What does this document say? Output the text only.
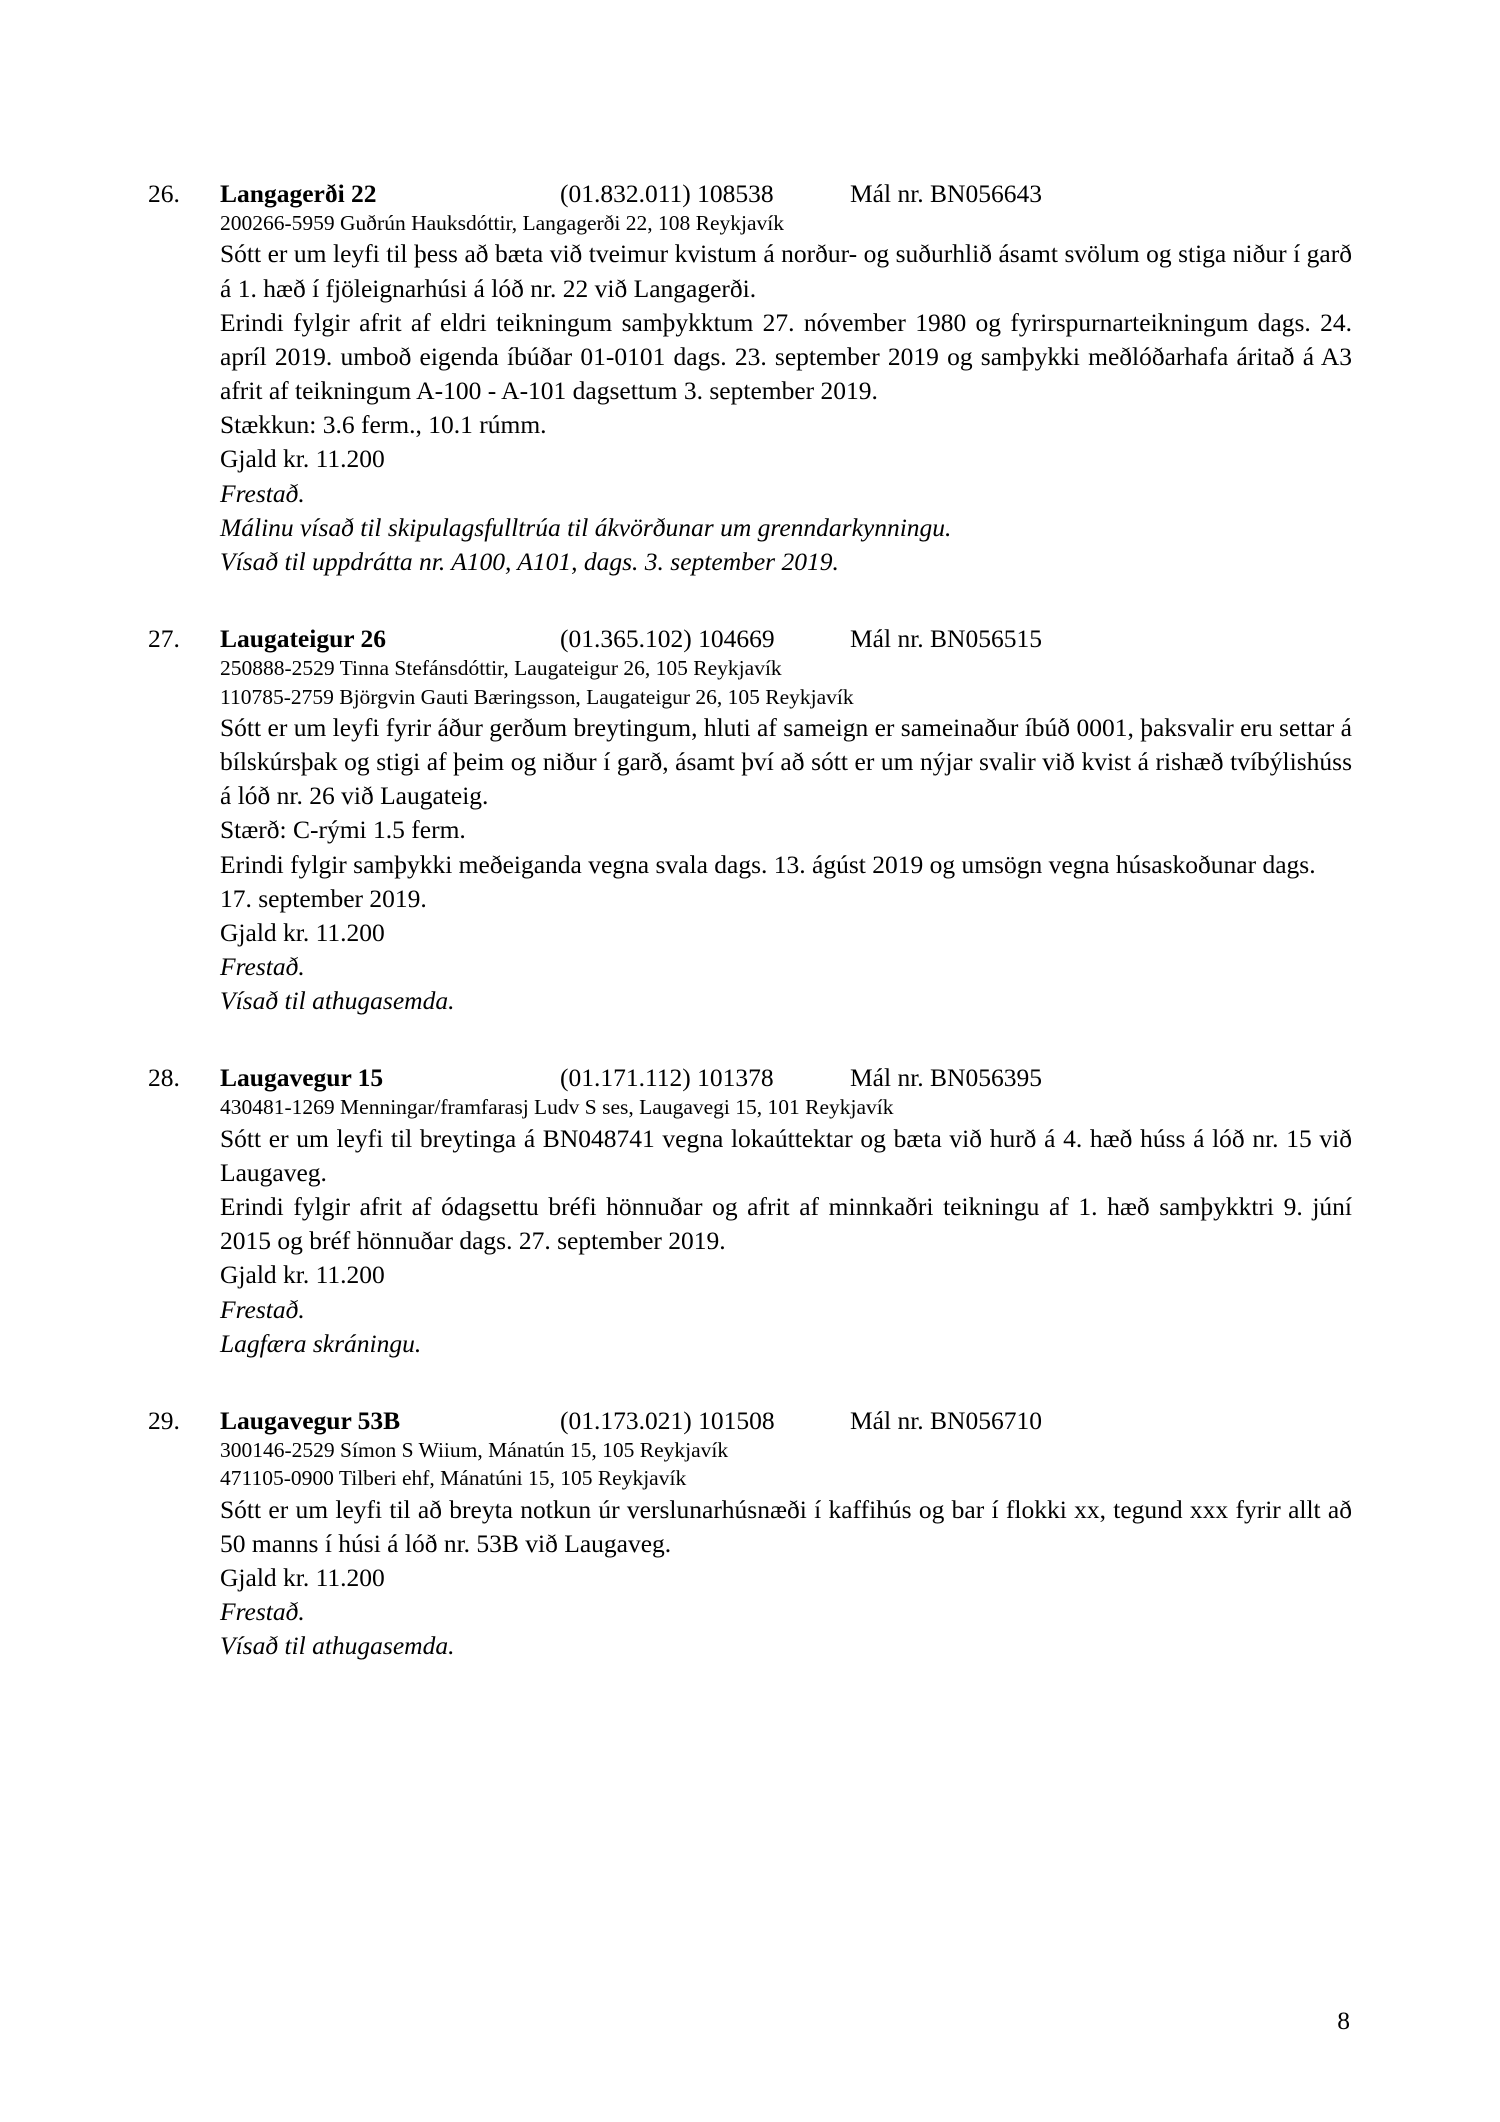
26.	Langagerði 22	(01.832.011) 108538	Mál nr. BN056643

200266-5959 Guðrún Hauksdóttir, Langagerði 22, 108 Reykjavík

Sótt er um leyfi til þess að bæta við tveimur kvistum á norður- og suðurhlið ásamt svölum og stiga niður í garð á 1. hæð í fjöleignarhúsi á lóð nr. 22 við Langagerði.

Erindi fylgir afrit af eldri teikningum samþykktum 27. nóvember 1980 og fyrirspurnarteikningum dags. 24. apríl 2019. umboð eigenda íbúðar 01-0101 dags. 23. september 2019 og samþykki meðlóðarhafa áritað á A3 afrit af teikningum A-100 - A-101 dagsettum 3. september 2019.

Stækkun: 3.6 ferm., 10.1 rúmm.

Gjald kr. 11.200

Frestað.

Málinu vísað til skipulagsfulltrúa til ákvörðunar um grenndarkynningu.

Vísað til uppdrátta nr. A100, A101, dags. 3. september 2019.

27.	Laugateigur 26	(01.365.102) 104669	Mál nr. BN056515

250888-2529 Tinna Stefánsdóttir, Laugateigur 26, 105 Reykjavík

110785-2759 Björgvin Gauti Bæringsson, Laugateigur 26, 105 Reykjavík

Sótt er um leyfi fyrir áður gerðum breytingum, hluti af sameign er sameinaður íbúð 0001, þaksvalir eru settar á bílskúrsþak og stigi af þeim og niður í garð, ásamt því að sótt er um nýjar svalir við kvist á rishæð tvíbýlishúss á lóð nr. 26 við Laugateig.

Stærð: C-rými 1.5 ferm.

Erindi fylgir samþykki meðeiganda vegna svala dags. 13. ágúst 2019 og umsögn vegna húsaskoðunar dags. 17. september 2019.

Gjald kr. 11.200

Frestað.

Vísað til athugasemda.

28.	Laugavegur 15	(01.171.112) 101378	Mál nr. BN056395

430481-1269 Menningar/framfarasj Ludv S ses, Laugavegi 15, 101 Reykjavík

Sótt er um leyfi til breytinga á BN048741 vegna lokaúttektar og bæta við hurð á 4. hæð húss á lóð nr. 15 við Laugaveg.

Erindi fylgir afrit af ódagsettu bréfi hönnuðar og afrit af minnkaðri teikningu af 1. hæð samþykktri 9. júní 2015 og bréf hönnuðar dags. 27. september 2019.

Gjald kr. 11.200

Frestað.

Lagfæra skráningu.

29.	Laugavegur 53B	(01.173.021) 101508	Mál nr. BN056710

300146-2529 Símon S Wiium, Mánatún 15, 105 Reykjavík

471105-0900 Tilberi ehf, Mánatúni 15, 105 Reykjavík

Sótt er um leyfi til að breyta notkun úr verslunarhúsnæði í kaffihús og bar í flokki xx, tegund xxx fyrir allt að 50 manns í húsi á lóð nr. 53B við Laugaveg.

Gjald kr. 11.200

Frestað.

Vísað til athugasemda.

8
